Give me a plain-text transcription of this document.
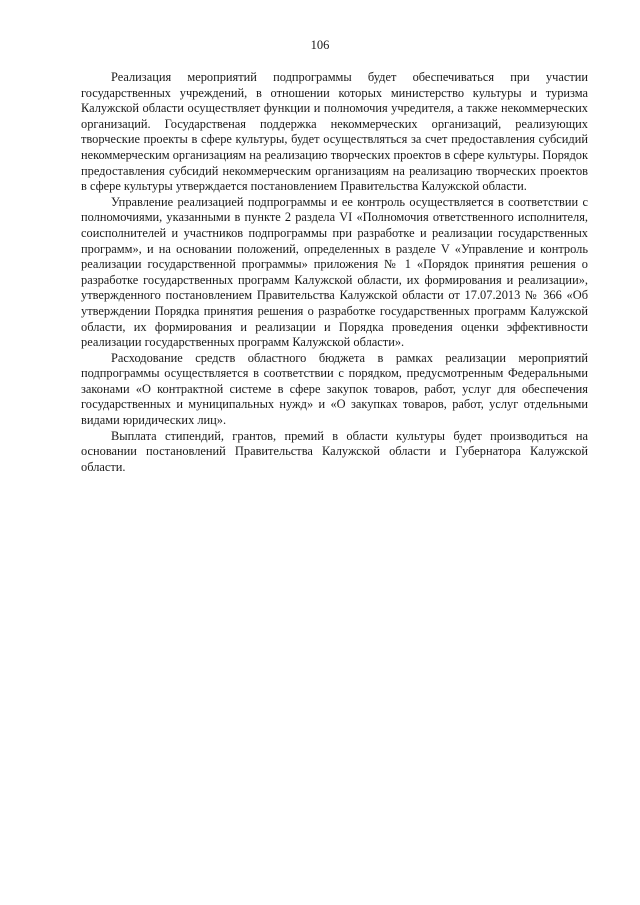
106

Реализация мероприятий подпрограммы будет обеспечиваться при участии государственных учреждений, в отношении которых министерство культуры и туризма Калужской области осуществляет функции и полномочия учредителя, а также некоммерческих организаций. Государственая поддержка некоммерческих организаций, реализующих творческие проекты в сфере культуры, будет осуществляться за счет предоставления субсидий некоммерческим организациям на реализацию творческих проектов в сфере культуры. Порядок предоставления субсидий некоммерческим организациям на реализацию творческих проектов в сфере культуры утверждается постановлением Правительства Калужской области.

Управление реализацией подпрограммы и ее контроль осуществляется в соответствии с полномочиями, указанными в пункте 2 раздела VI «Полномочия ответственного исполнителя, соисполнителей и участников подпрограммы при разработке и реализации государственных программ», и на основании положений, определенных в разделе V «Управление и контроль реализации государственной программы» приложения № 1 «Порядок принятия решения о разработке государственных программ Калужской области, их формирования и реализации», утвержденного постановлением Правительства Калужской области от 17.07.2013 № 366 «Об утверждении Порядка принятия решения о разработке государственных программ Калужской области, их формирования и реализации и Порядка проведения оценки эффективности реализации государственных программ Калужской области».

Расходование средств областного бюджета в рамках реализации мероприятий подпрограммы осуществляется в соответствии с порядком, предусмотренным Федеральными законами «О контрактной системе в сфере закупок товаров, работ, услуг для обеспечения государственных и муниципальных нужд» и «О закупках товаров, работ, услуг отдельными видами юридических лиц».

Выплата стипендий, грантов, премий в области культуры будет производиться на основании постановлений Правительства Калужской области и Губернатора Калужской области.
